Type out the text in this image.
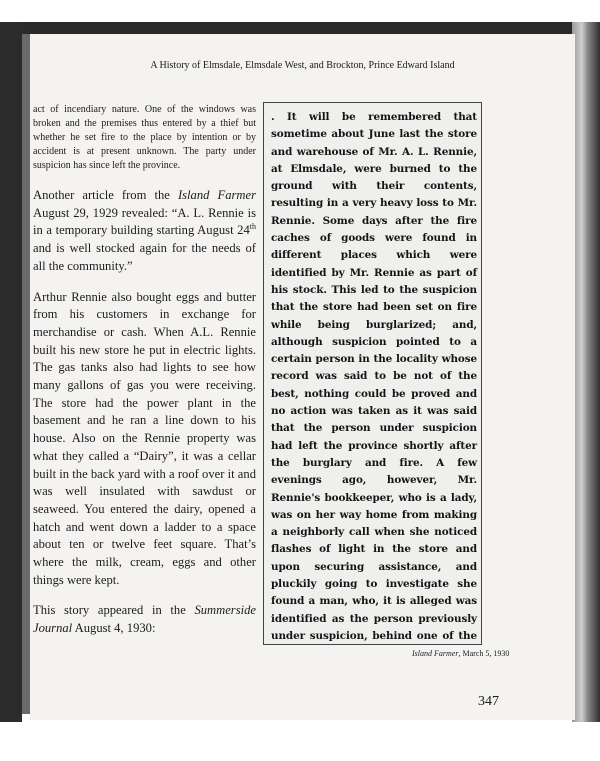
A History of Elmsdale, Elmsdale West, and Brockton, Prince Edward Island

act of incendiary nature. One of the windows was broken and the premises thus entered by a thief but whether he set fire to the place by intention or by accident is at present unknown. The party under suspicion has since left the province.

Another article from the Island Farmer August 29, 1929 revealed: “A. L. Rennie is in a temporary building starting August 24th and is well stocked again for the needs of all the community.”

Arthur Rennie also bought eggs and butter from his customers in exchange for merchandise or cash. When A.L. Rennie built his new store he put in electric lights. The gas tanks also had lights to see how many gallons of gas you were receiving. The store had the power plant in the basement and he ran a line down to his house. Also on the Rennie property was what they called a “Dairy”, it was a cellar built in the back yard with a roof over it and was well insulated with sawdust or seaweed. You entered the dairy, opened a hatch and went down a ladder to a space about ten or twelve feet square. That’s where the milk, cream, eggs and other things were kept.

This story appeared in the Summerside Journal August 4, 1930:

. It will be remembered that sometime about June last the store and warehouse of Mr. A. L. Rennie, at Elmsdale, were burned to the ground with their contents, resulting in a very heavy loss to Mr. Rennie. Some days after the fire caches of goods were found in different places which were identified by Mr. Rennie as part of his stock. This led to the suspicion that the store had been set on fire while being burglarized; and, although suspicion pointed to a certain person in the locality whose record was said to be not of the best, nothing could be proved and no action was taken as it was said that the person under suspicion had left the province shortly after the burglary and fire. A few evenings ago, however, Mr. Rennie's bookkeeper, who is a lady, was on her way home from making a neighborly call when she noticed flashes of light in the store and upon securing assistance, and pluckily going to investigate she found a man, who, it is alleged was identified as the person previously under suspicion, behind one of the
Island Farmer, March 5, 1930
347
